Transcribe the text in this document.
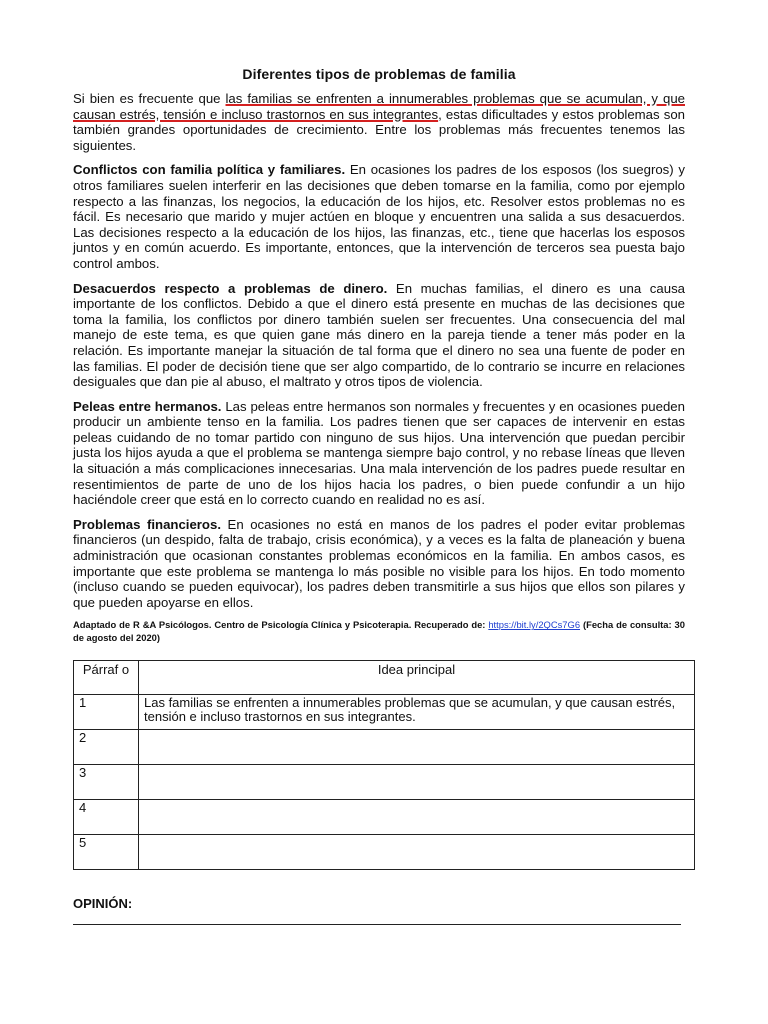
Diferentes tipos de problemas de familia

Si bien es frecuente que las familias se enfrenten a innumerables problemas que se acumulan, y que causan estrés, tensión e incluso trastornos en sus integrantes, estas dificultades y estos problemas son también grandes oportunidades de crecimiento. Entre los problemas más frecuentes tenemos las siguientes.

Conflictos con familia política y familiares. En ocasiones los padres de los esposos (los suegros) y otros familiares suelen interferir en las decisiones que deben tomarse en la familia, como por ejemplo respecto a las finanzas, los negocios, la educación de los hijos, etc. Resolver estos problemas no es fácil. Es necesario que marido y mujer actúen en bloque y encuentren una salida a sus desacuerdos. Las decisiones respecto a la educación de los hijos, las finanzas, etc., tiene que hacerlas los esposos juntos y en común acuerdo. Es importante, entonces, que la intervención de terceros sea puesta bajo control ambos.

Desacuerdos respecto a problemas de dinero. En muchas familias, el dinero es una causa importante de los conflictos. Debido a que el dinero está presente en muchas de las decisiones que toma la familia, los conflictos por dinero también suelen ser frecuentes. Una consecuencia del mal manejo de este tema, es que quien gane más dinero en la pareja tiende a tener más poder en la relación. Es importante manejar la situación de tal forma que el dinero no sea una fuente de poder en las familias. El poder de decisión tiene que ser algo compartido, de lo contrario se incurre en relaciones desiguales que dan pie al abuso, el maltrato y otros tipos de violencia.

Peleas entre hermanos. Las peleas entre hermanos son normales y frecuentes y en ocasiones pueden producir un ambiente tenso en la familia. Los padres tienen que ser capaces de intervenir en estas peleas cuidando de no tomar partido con ninguno de sus hijos. Una intervención que puedan percibir justa los hijos ayuda a que el problema se mantenga siempre bajo control, y no rebase líneas que lleven la situación a más complicaciones innecesarias. Una mala intervención de los padres puede resultar en resentimientos de parte de uno de los hijos hacia los padres, o bien puede confundir a un hijo haciéndole creer que está en lo correcto cuando en realidad no es así.

Problemas financieros. En ocasiones no está en manos de los padres el poder evitar problemas financieros (un despido, falta de trabajo, crisis económica), y a veces es la falta de planeación y buena administración que ocasionan constantes problemas económicos en la familia. En ambos casos, es importante que este problema se mantenga lo más posible no visible para los hijos. En todo momento (incluso cuando se pueden equivocar), los padres deben transmitirle a sus hijos que ellos son pilares y que pueden apoyarse en ellos.

Adaptado de R &A Psicólogos. Centro de Psicología Clínica y Psicoterapia. Recuperado de: https://bit.ly/2QCs7G6 (Fecha de consulta: 30 de agosto del 2020)

Párraf o	Idea principal
1	Las familias se enfrenten a innumerables problemas que se acumulan, y que causan estrés, tensión e incluso trastornos en sus integrantes.
2	
3	
4	
5	
OPINIÓN:
